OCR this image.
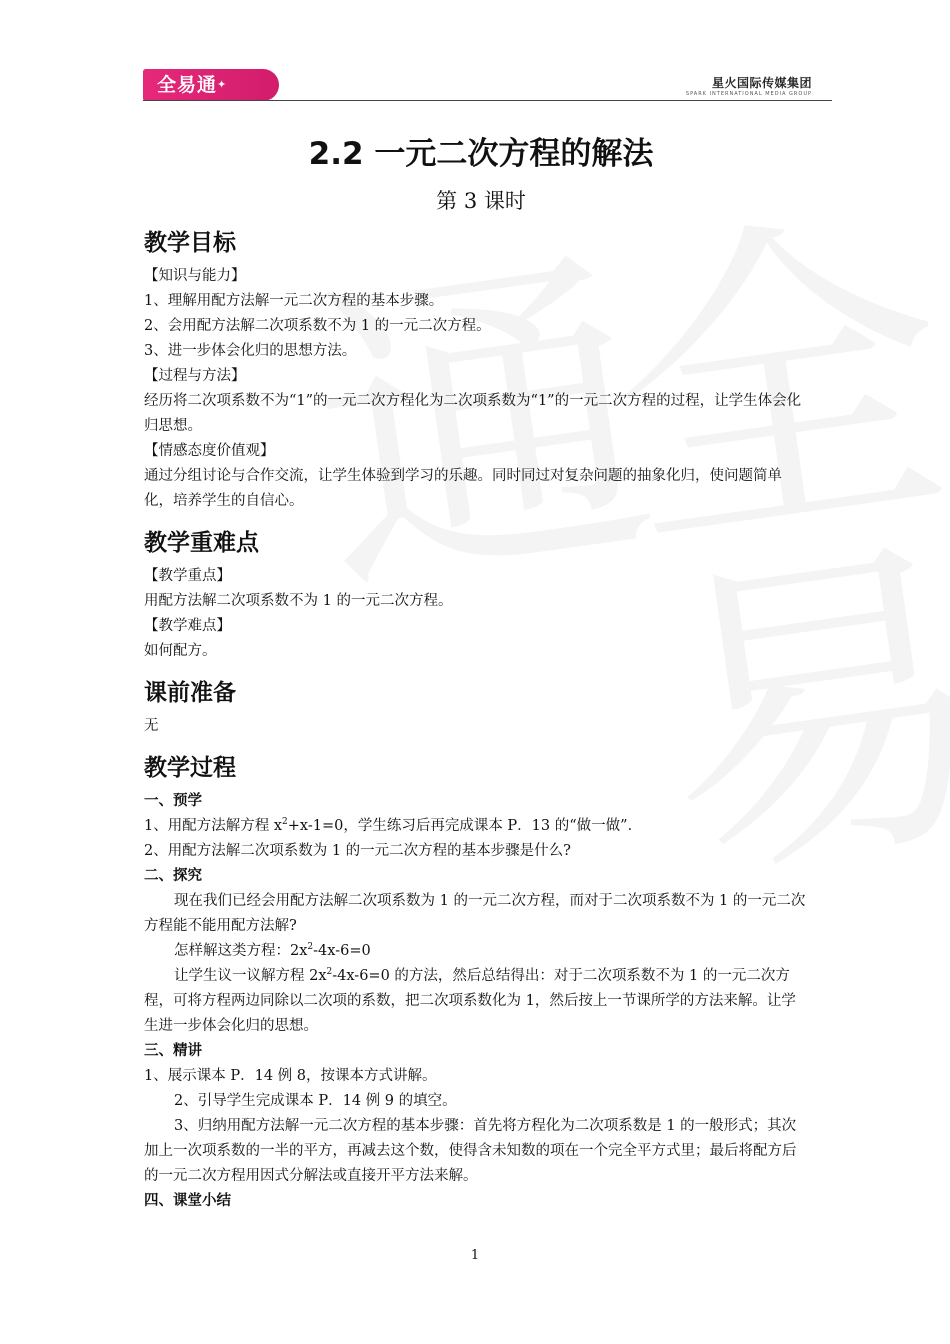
全易通✦	星火国际传媒集团
SPARK INTERNATIONAL MEDIA GROUP
2.2 一元二次方程的解法
第 3 课时
教学目标

【知识与能力】

1、理解用配方法解一元二次方程的基本步骤。

2、会用配方法解二次项系数不为 1 的一元二次方程。

3、进一步体会化归的思想方法。

【过程与方法】

经历将二次项系数不为“1”的一元二次方程化为二次项系数为“1”的一元二次方程的过程，让学生体会化归思想。

【情感态度价值观】

通过分组讨论与合作交流，让学生体验到学习的乐趣。同时同过对复杂问题的抽象化归，使问题简单化，培养学生的自信心。

教学重难点

【教学重点】

用配方法解二次项系数不为 1 的一元二次方程。

【教学难点】

如何配方。

课前准备

无

教学过程

一、预学

1、用配方法解方程 $x^2+x-1=0$，学生练习后再完成课本 P．13 的“做一做”．

2、用配方法解二次项系数为 1 的一元二次方程的基本步骤是什么?

二、探究

现在我们已经会用配方法解二次项系数为 1 的一元二次方程，而对于二次项系数不为 1 的一元二次方程能不能用配方法解?

怎样解这类方程：$2x^2-4x-6=0$

让学生议一议解方程 $2x^2-4x-6=0$ 的方法，然后总结得出：对于二次项系数不为 1 的一元二次方程，可将方程两边同除以二次项的系数，把二次项系数化为 1，然后按上一节课所学的方法来解。让学生进一步体会化归的思想。

三、精讲

1、展示课本 P．14 例 8，按课本方式讲解。

2、引导学生完成课本 P．14 例 9 的填空。

3、归纳用配方法解一元二次方程的基本步骤：首先将方程化为二次项系数是 1 的一般形式；其次加上一次项系数的一半的平方，再减去这个数，使得含未知数的项在一个完全平方式里；最后将配方后的一元二次方程用因式分解法或直接开平方法来解。

四、课堂小结

1
